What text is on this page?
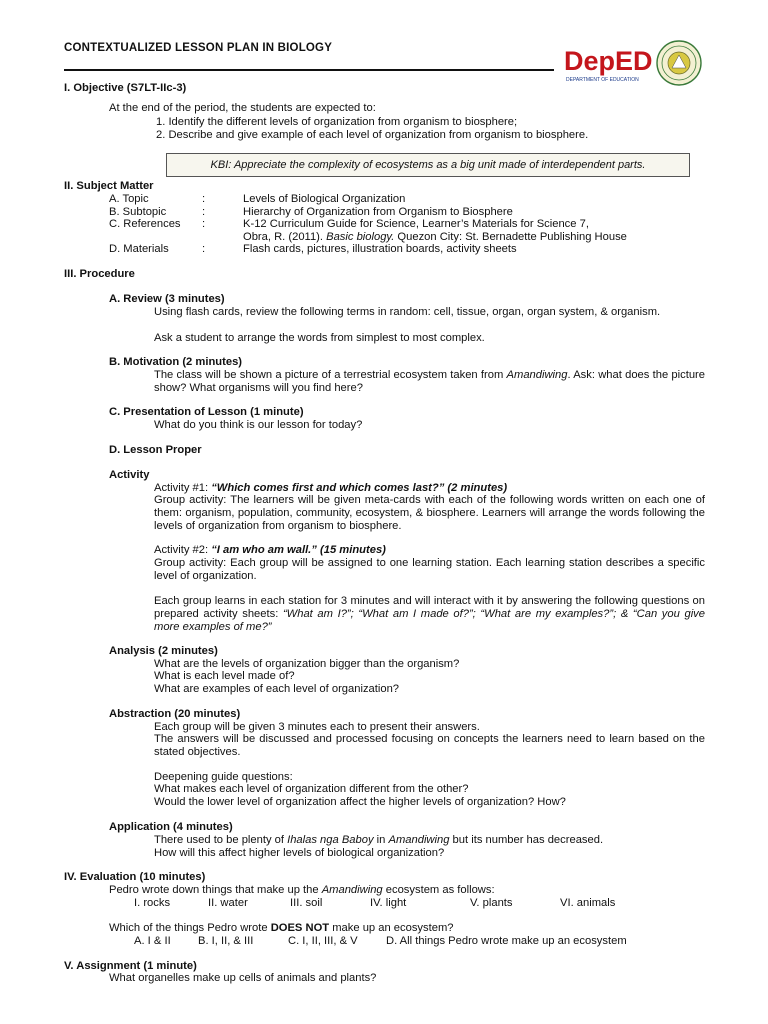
CONTEXTUALIZED LESSON PLAN IN BIOLOGY	DepED
DEPARTMENT OF EDUCATION
I. Objective (S7LT-IIc-3)
At the end of the period, the students are expected to:
1. Identify the different levels of organization from organism to biosphere;
2. Describe and give example of each level of organization from organism to biosphere.
KBI: Appreciate the complexity of ecosystems as a big unit made of interdependent parts.
II. Subject Matter
A. Topic	:	Levels of Biological Organization
B. Subtopic	:	Hierarchy of Organization from Organism to Biosphere
C. References	:	K-12 Curriculum Guide for Science, Learner’s Materials for Science 7,
		Obra, R. (2011). Basic biology. Quezon City: St. Bernadette Publishing House
D. Materials	:	Flash cards, pictures, illustration boards, activity sheets
III. Procedure
A. Review (3 minutes)
Using flash cards, review the following terms in random: cell, tissue, organ, organ system, & organism.
Ask a student to arrange the words from simplest to most complex.
B. Motivation (2 minutes)
The class will be shown a picture of a terrestrial ecosystem taken from Amandiwing. Ask: what does the picture show? What organisms will you find here?
C. Presentation of Lesson (1 minute)
What do you think is our lesson for today?
D. Lesson Proper
Activity
Activity #1: “Which comes first and which comes last?” (2 minutes)
Group activity: The learners will be given meta-cards with each of the following words written on each one of them: organism, population, community, ecosystem, & biosphere. Learners will arrange the words following the levels of organization from organism to biosphere.
Activity #2: “I am who am wall.” (15 minutes)
Group activity: Each group will be assigned to one learning station. Each learning station describes a specific level of organization.
Each group learns in each station for 3 minutes and will interact with it by answering the following questions on prepared activity sheets: “What am I?”; “What am I made of?”; “What are my examples?”; & “Can you give more examples of me?”
Analysis (2 minutes)
What are the levels of organization bigger than the organism?
What is each level made of?
What are examples of each level of organization?
Abstraction (20 minutes)
Each group will be given 3 minutes each to present their answers.
The answers will be discussed and processed focusing on concepts the learners need to learn based on the stated objectives.
Deepening guide questions:
What makes each level of organization different from the other?
Would the lower level of organization affect the higher levels of organization? How?
Application (4 minutes)
There used to be plenty of Ihalas nga Baboy in Amandiwing but its number has decreased.
How will this affect higher levels of biological organization?
IV. Evaluation (10 minutes)
Pedro wrote down things that make up the Amandiwing ecosystem as follows:
I. rocks	II. water	III. soil	IV. light	V. plants	VI. animals
Which of the things Pedro wrote DOES NOT make up an ecosystem?
A. I & II B. I, II, & III	C. I, II, III, & V	D. All things Pedro wrote make up an ecosystem
V. Assignment (1 minute)
What organelles make up cells of animals and plants?
